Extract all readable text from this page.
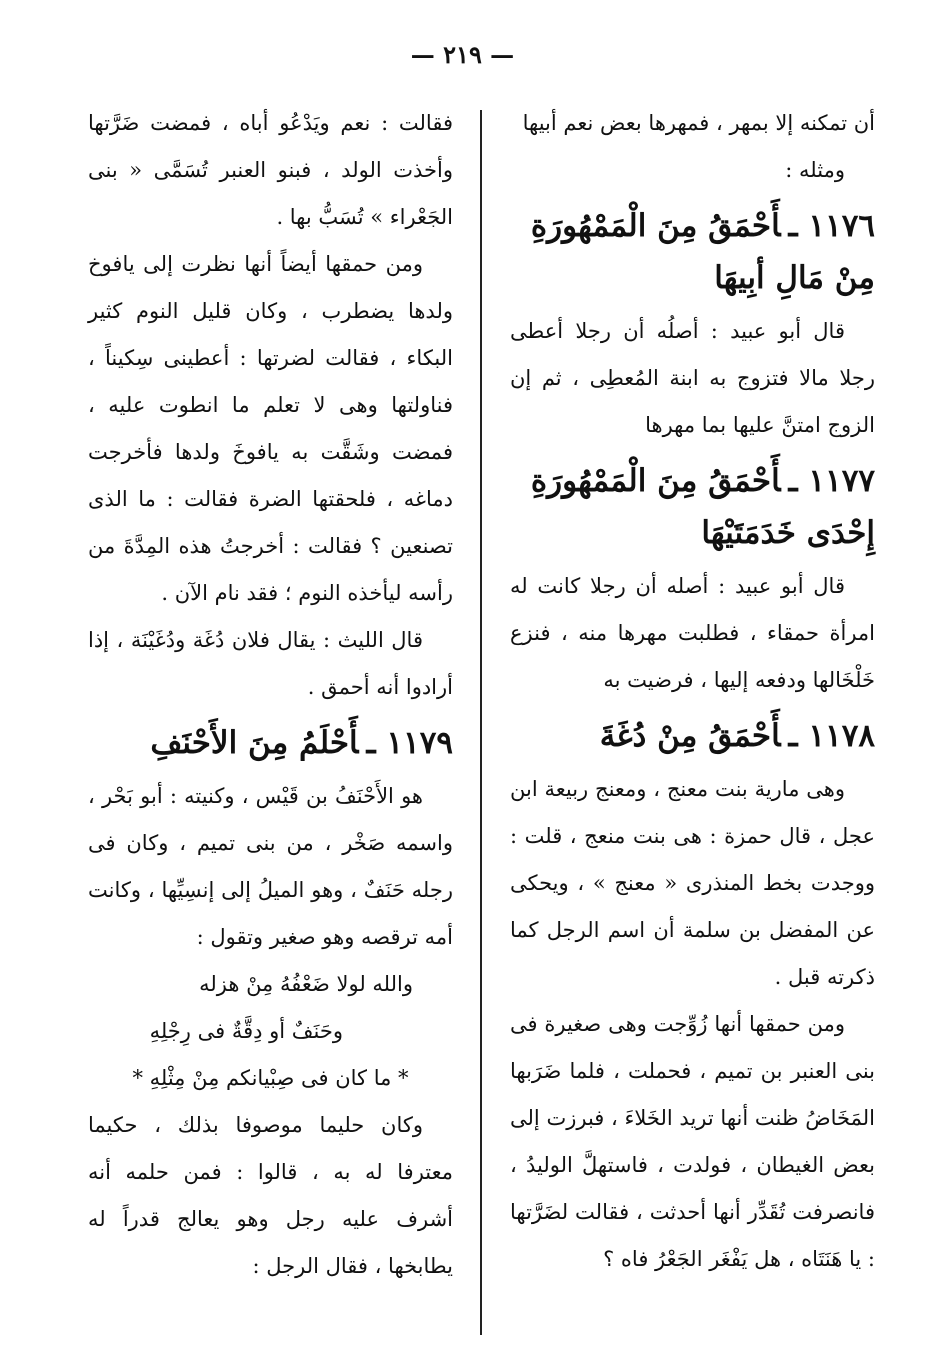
— ٢١٩ —

أن تمكنه إلا بمهر ، فمهرها بعض نعم أبيها

ومثله :

١١٧٦ ـأَحْمَقُ مِنَ الْمَمْهُورَةِ مِنْ مَالِ أبِيهَا

قال أبو عبيد : أصلُه أن رجلا أعطى رجلا مالا فتزوج به ابنة المُعطِى ، ثم إن الزوج امتنَّ عليها بما مهرها

١١٧٧ ـأَحْمَقُ مِنَ الْمَمْهُورَةِ إِحْدَى خَدَمَتَيْهَا

قال أبو عبيد : أصله أن رجلا كانت له امرأة حمقاء ، فطلبت مهرها منه ، فنزع خَلْخَالها ودفعه إليها ، فرضيت به

١١٧٨ ـأَحْمَقُ مِنْ دُغَةَ

وهى مارية بنت معنج ، ومعنج ربيعة ابن عجل ، قال حمزة : هى بنت منعج ، قلت : ووجدت بخط المنذرى « معنج » ، ويحكى عن المفضل بن سلمة أن اسم الرجل كما ذكرته قبل .

ومن حمقها أنها زُوِّجت وهى صغيرة فى بنى العنبر بن تميم ، فحملت ، فلما ضَرَبها المَخَاضُ ظنت أنها تريد الخَلاءَ ، فبرزت إلى بعض الغيطان ، فولدت ، فاستهلَّ الوليدُ ، فانصرفت تُقَدِّر أنها أحدثت ، فقالت لضَرَّتها : يا هَنَتَاه ، هل يَفْغَر الجَعْرُ فاه ؟

فقالت : نعم ويَدْعُو أباه ، فمضت ضَرَّتها وأخذت الولد ، فبنو العنبر تُسَمَّى « بنى الجَعْراء » تُسَبُّ بها .

ومن حمقها أيضاً أنها نظرت إلى يافوخ ولدها يضطرب ، وكان قليل النوم كثير البكاء ، فقالت لضرتها : أعطينى سِكيناً ، فناولتها وهى لا تعلم ما انطوت عليه ، فمضت وشَقَّت به يافوخَ ولدها فأخرجت دماغه ، فلحقتها الضرة فقالت : ما الذى تصنعين ؟ فقالت : أخرجتُ هذه المِدَّةَ من رأسه ليأخذه النوم ؛ فقد نام الآن .

قال الليث : يقال فلان دُغَة ودُغَيْنَة ، إذا أرادوا أنه أحمق .

١١٧٩ ـأَحْلَمُ مِنَ الأَحْنَفِ

هو الأَحْنَفُ بن قَيْس ، وكنيته : أبو بَحْر ، واسمه صَخْر ، من بنى تميم ، وكان فى رجله حَنَفٌ ، وهو الميلُ إلى إنسِيِّها ، وكانت أمه ترقصه وهو صغير وتقول :

والله لولا ضَعْفُهُ مِنْ هزله

وحَنَفٌ أو دِقَّةٌ فى رِجْلِهِ

* ما كان فى صِبْيانكم مِنْ مِثْلِهِ *

وكان حليما موصوفا بذلك ، حكيما معترفا له به ، قالوا : فمن حلمه أنه أشرف عليه رجل وهو يعالج قدراً له يطابخها ، فقال الرجل :
